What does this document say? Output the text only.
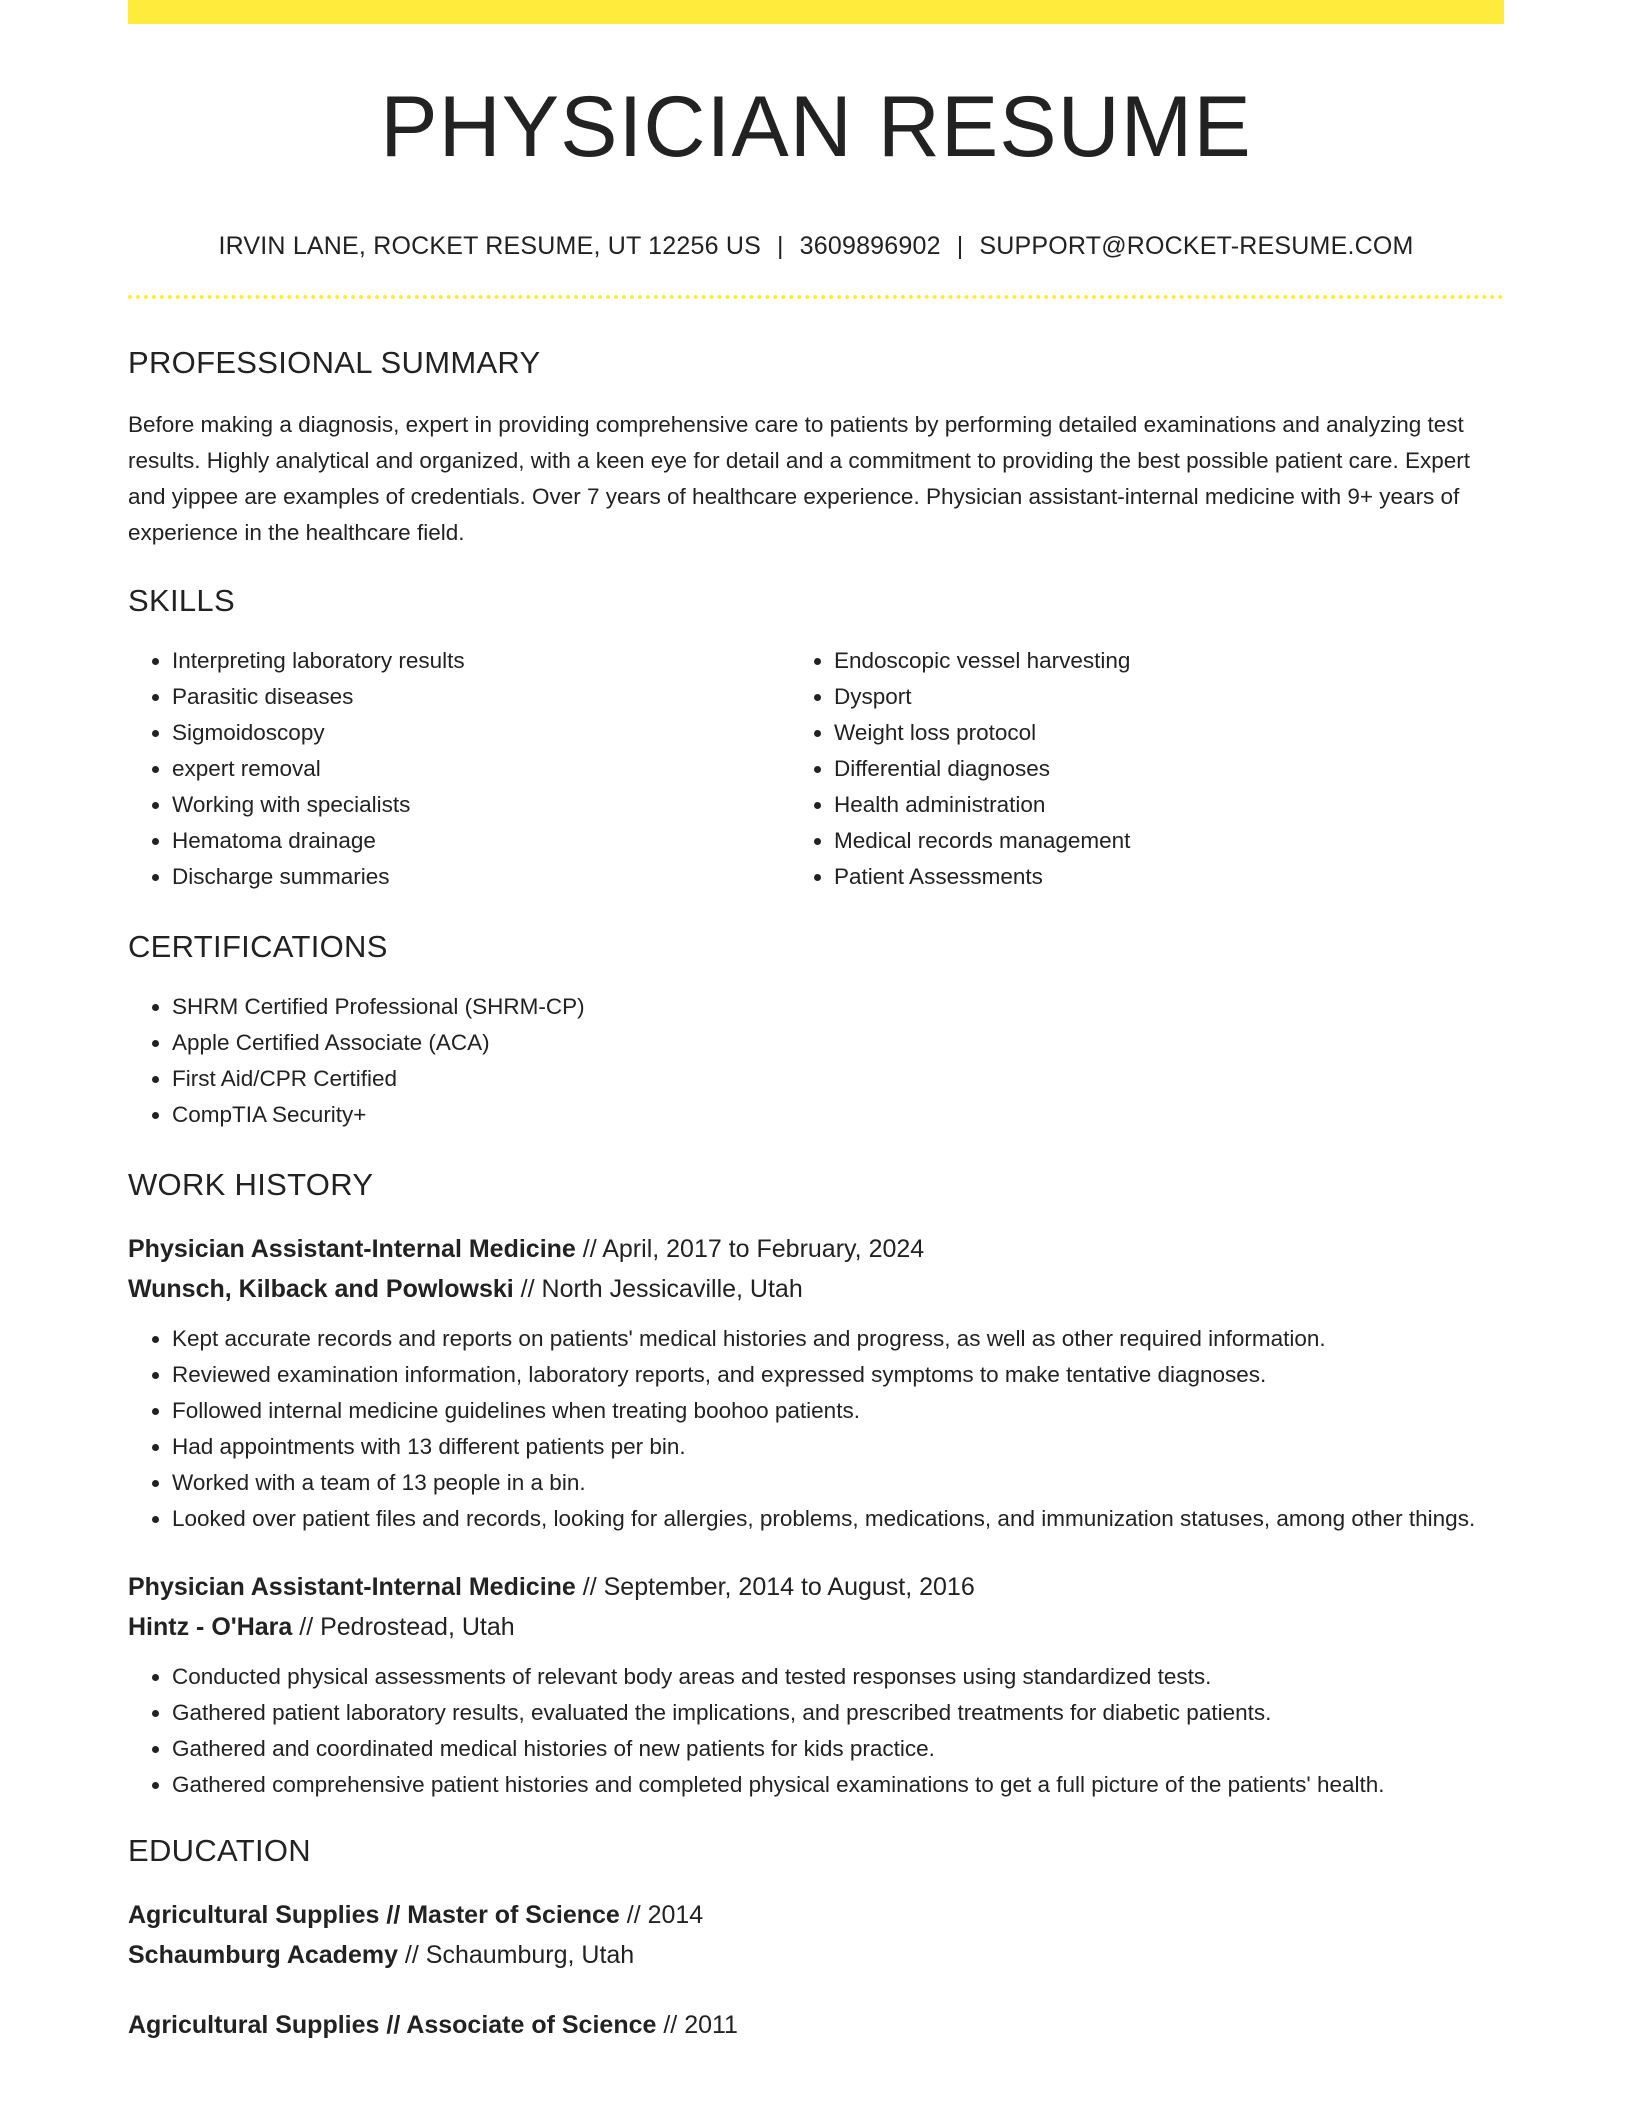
PHYSICIAN RESUME
IRVIN LANE, ROCKET RESUME, UT 12256 US | 3609896902 | SUPPORT@ROCKET-RESUME.COM
PROFESSIONAL SUMMARY
Before making a diagnosis, expert in providing comprehensive care to patients by performing detailed examinations and analyzing test results. Highly analytical and organized, with a keen eye for detail and a commitment to providing the best possible patient care. Expert and yippee are examples of credentials. Over 7 years of healthcare experience. Physician assistant-internal medicine with 9+ years of experience in the healthcare field.
SKILLS
• Interpreting laboratory results
• Parasitic diseases
• Sigmoidoscopy
• expert removal
• Working with specialists
• Hematoma drainage
• Discharge summaries
• Endoscopic vessel harvesting
• Dysport
• Weight loss protocol
• Differential diagnoses
• Health administration
• Medical records management
• Patient Assessments
CERTIFICATIONS
• SHRM Certified Professional (SHRM-CP)
• Apple Certified Associate (ACA)
• First Aid/CPR Certified
• CompTIA Security+
WORK HISTORY
Physician Assistant-Internal Medicine // April, 2017 to February, 2024
Wunsch, Kilback and Powlowski // North Jessicaville, Utah
• Kept accurate records and reports on patients' medical histories and progress, as well as other required information.
• Reviewed examination information, laboratory reports, and expressed symptoms to make tentative diagnoses.
• Followed internal medicine guidelines when treating boohoo patients.
• Had appointments with 13 different patients per bin.
• Worked with a team of 13 people in a bin.
• Looked over patient files and records, looking for allergies, problems, medications, and immunization statuses, among other things.
Physician Assistant-Internal Medicine // September, 2014 to August, 2016
Hintz - O'Hara // Pedrostead, Utah
• Conducted physical assessments of relevant body areas and tested responses using standardized tests.
• Gathered patient laboratory results, evaluated the implications, and prescribed treatments for diabetic patients.
• Gathered and coordinated medical histories of new patients for kids practice.
• Gathered comprehensive patient histories and completed physical examinations to get a full picture of the patients' health.
EDUCATION
Agricultural Supplies // Master of Science // 2014
Schaumburg Academy // Schaumburg, Utah
Agricultural Supplies // Associate of Science // 2011
